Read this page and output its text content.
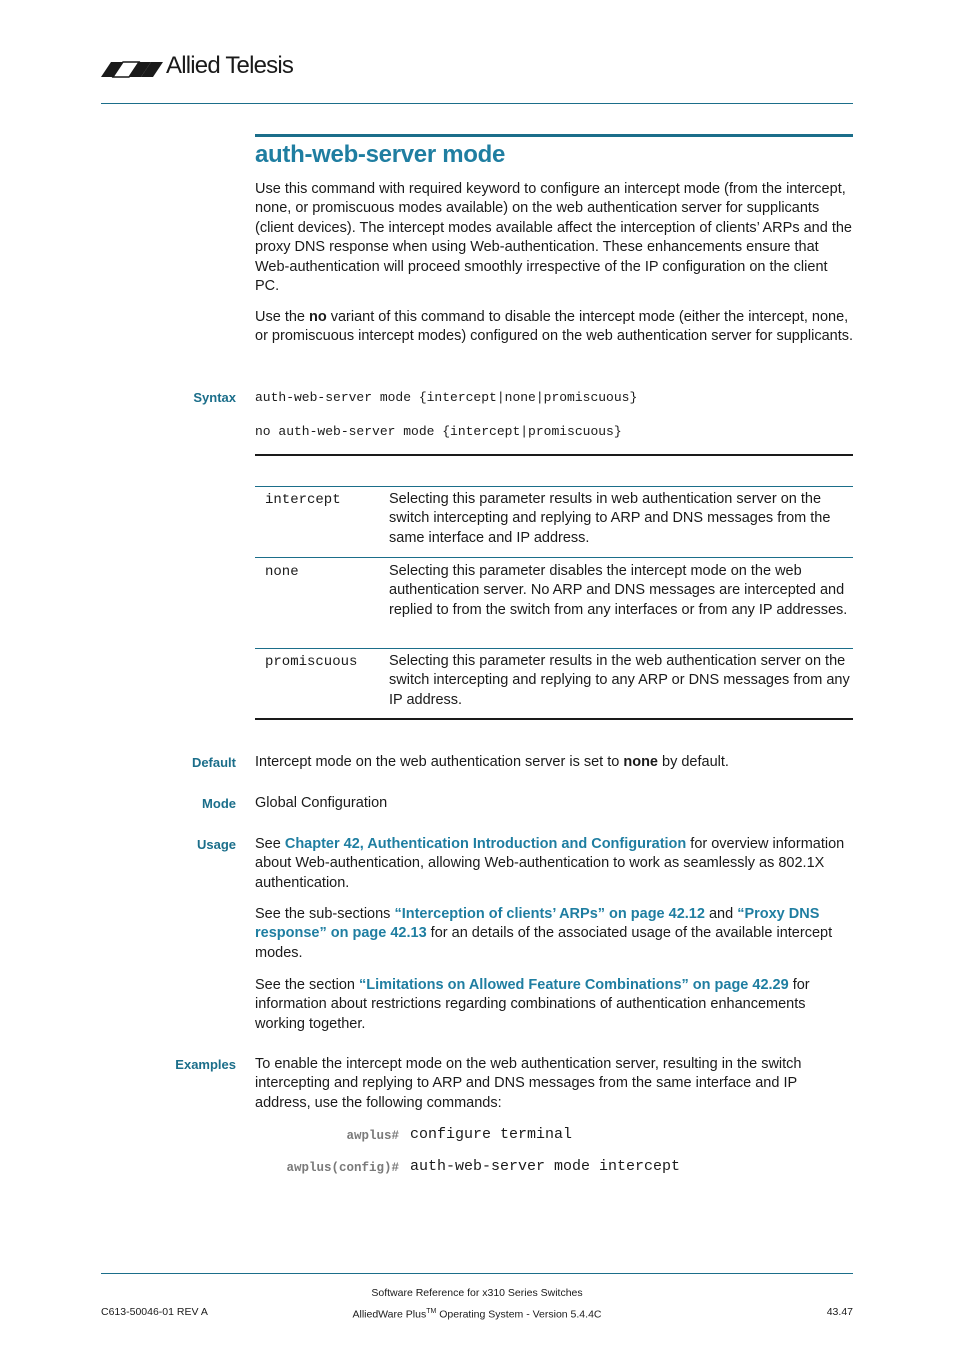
Allied Telesis
auth-web-server mode
Use this command with required keyword to configure an intercept mode (from the intercept, none, or promiscuous modes available) on the web authentication server for supplicants (client devices). The intercept modes available affect the interception of clients’ ARPs and the proxy DNS response when using Web-authentication. These enhancements ensure that Web-authentication will proceed smoothly irrespective of the IP configuration on the client PC.
Use the no variant of this command to disable the intercept mode (either the intercept, none, or promiscuous intercept modes) configured on the web authentication server for supplicants.
Syntax auth-web-server mode {intercept|none|promiscuous}
no auth-web-server mode {intercept|promiscuous}
intercept	Selecting this parameter results in web authentication server on the switch intercepting and replying to ARP and DNS messages from the same interface and IP address.
none	Selecting this parameter disables the intercept mode on the web authentication server. No ARP and DNS messages are intercepted and replied to from the switch from any interfaces or from any IP addresses.
promiscuous Selecting this parameter results in the web authentication server on the switch intercepting and replying to any ARP or DNS messages from any IP address.
Default Intercept mode on the web authentication server is set to none by default.
Mode Global Configuration
Usage See Chapter 42, Authentication Introduction and Configuration for overview information about Web-authentication, allowing Web-authentication to work as seamlessly as 802.1X authentication.
See the sub-sections “Interception of clients’ ARPs” on page 42.12 and “Proxy DNS response” on page 42.13 for an details of the associated usage of the available intercept modes.
See the section “Limitations on Allowed Feature Combinations” on page 42.29 for information about restrictions regarding combinations of authentication enhancements working together.
Examples To enable the intercept mode on the web authentication server, resulting in the switch intercepting and replying to ARP and DNS messages from the same interface and IP address, use the following commands:
awplus# configure terminal
awplus(config)# auth-web-server mode intercept
Software Reference for x310 Series Switches
C613-50046-01 REV A	AlliedWare Plus™ Operating System - Version 5.4.4C	43.47
